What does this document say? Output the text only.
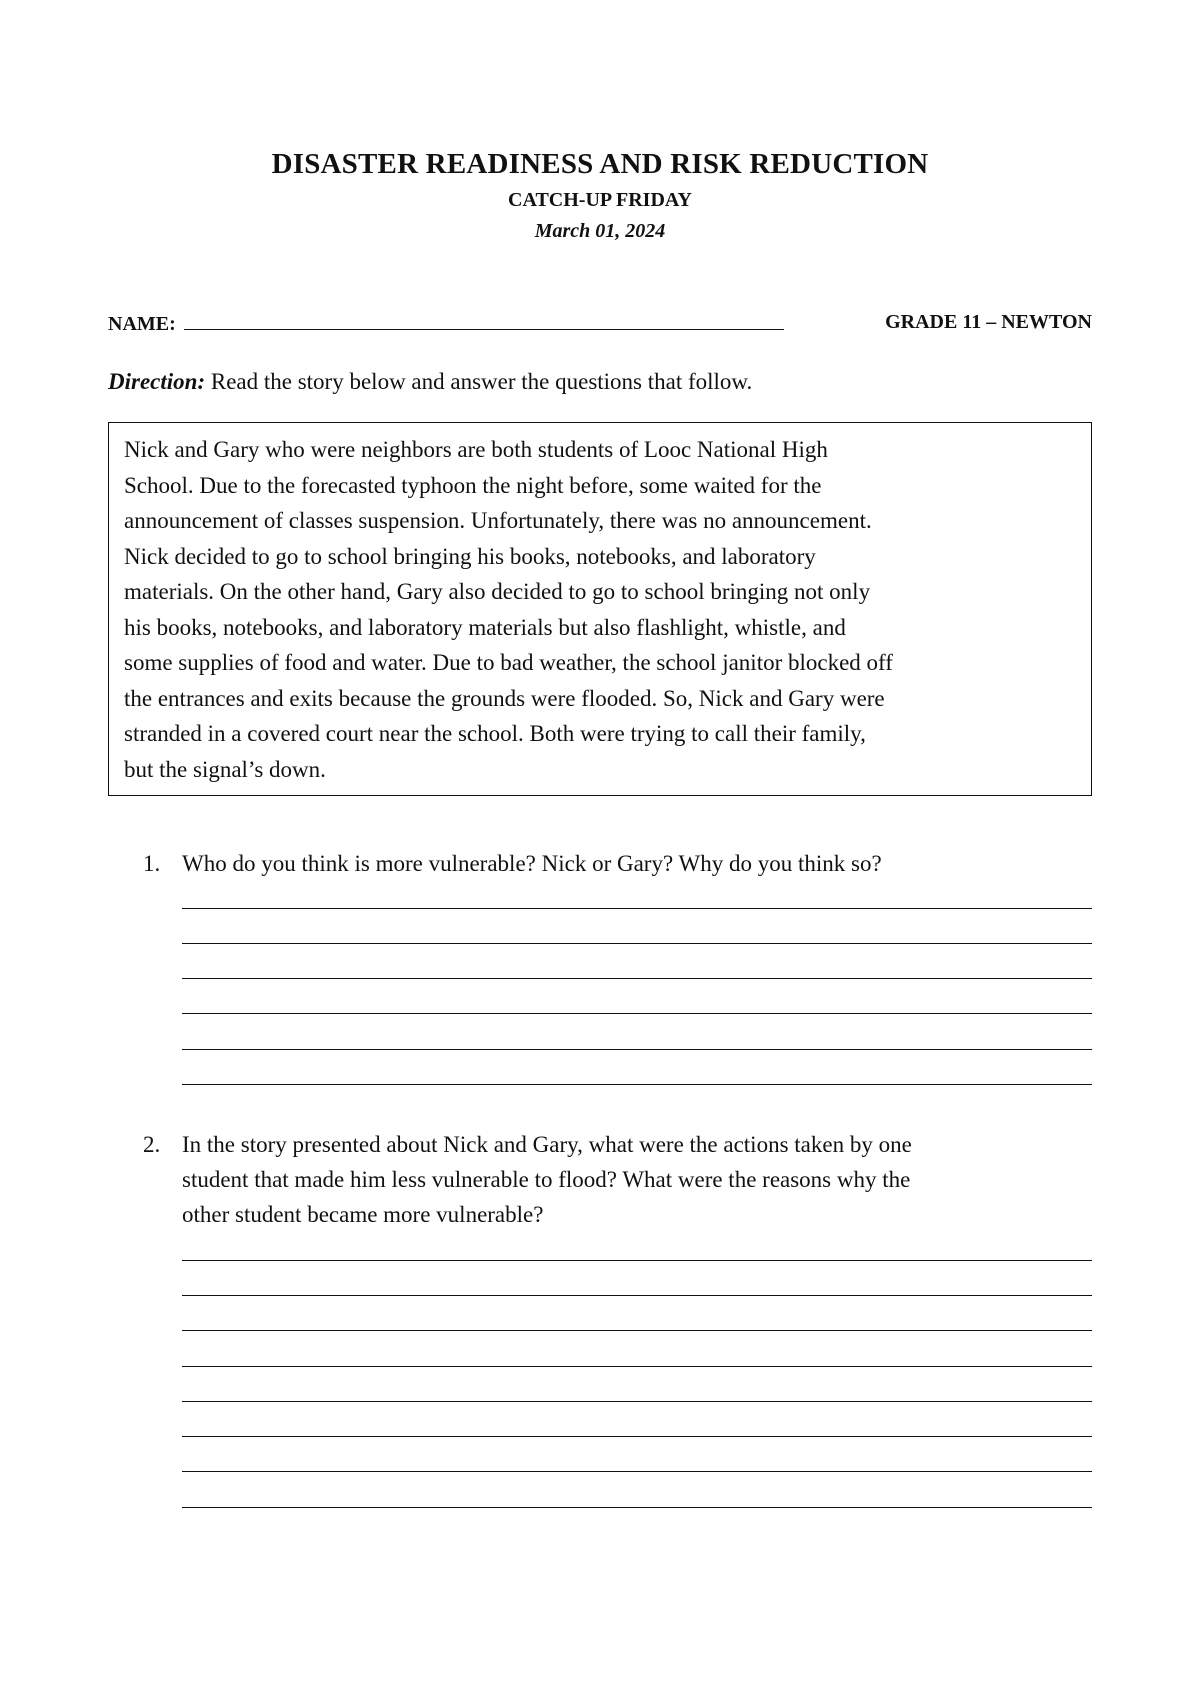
DISASTER READINESS AND RISK REDUCTION
CATCH-UP FRIDAY
March 01, 2024
NAME:	GRADE 11 – NEWTON
Direction: Read the story below and answer the questions that follow.
Nick and Gary who were neighbors are both students of Looc National High
School. Due to the forecasted typhoon the night before, some waited for the
announcement of classes suspension. Unfortunately, there was no announcement.
Nick decided to go to school bringing his books, notebooks, and laboratory
materials. On the other hand, Gary also decided to go to school bringing not only
his books, notebooks, and laboratory materials but also flashlight, whistle, and
some supplies of food and water. Due to bad weather, the school janitor blocked off
the entrances and exits because the grounds were flooded. So, Nick and Gary were
stranded in a covered court near the school. Both were trying to call their family,
but the signal’s down.
1. Who do you think is more vulnerable? Nick or Gary? Why do you think so?
2. In the story presented about Nick and Gary, what were the actions taken by one
student that made him less vulnerable to flood? What were the reasons why the
other student became more vulnerable?
